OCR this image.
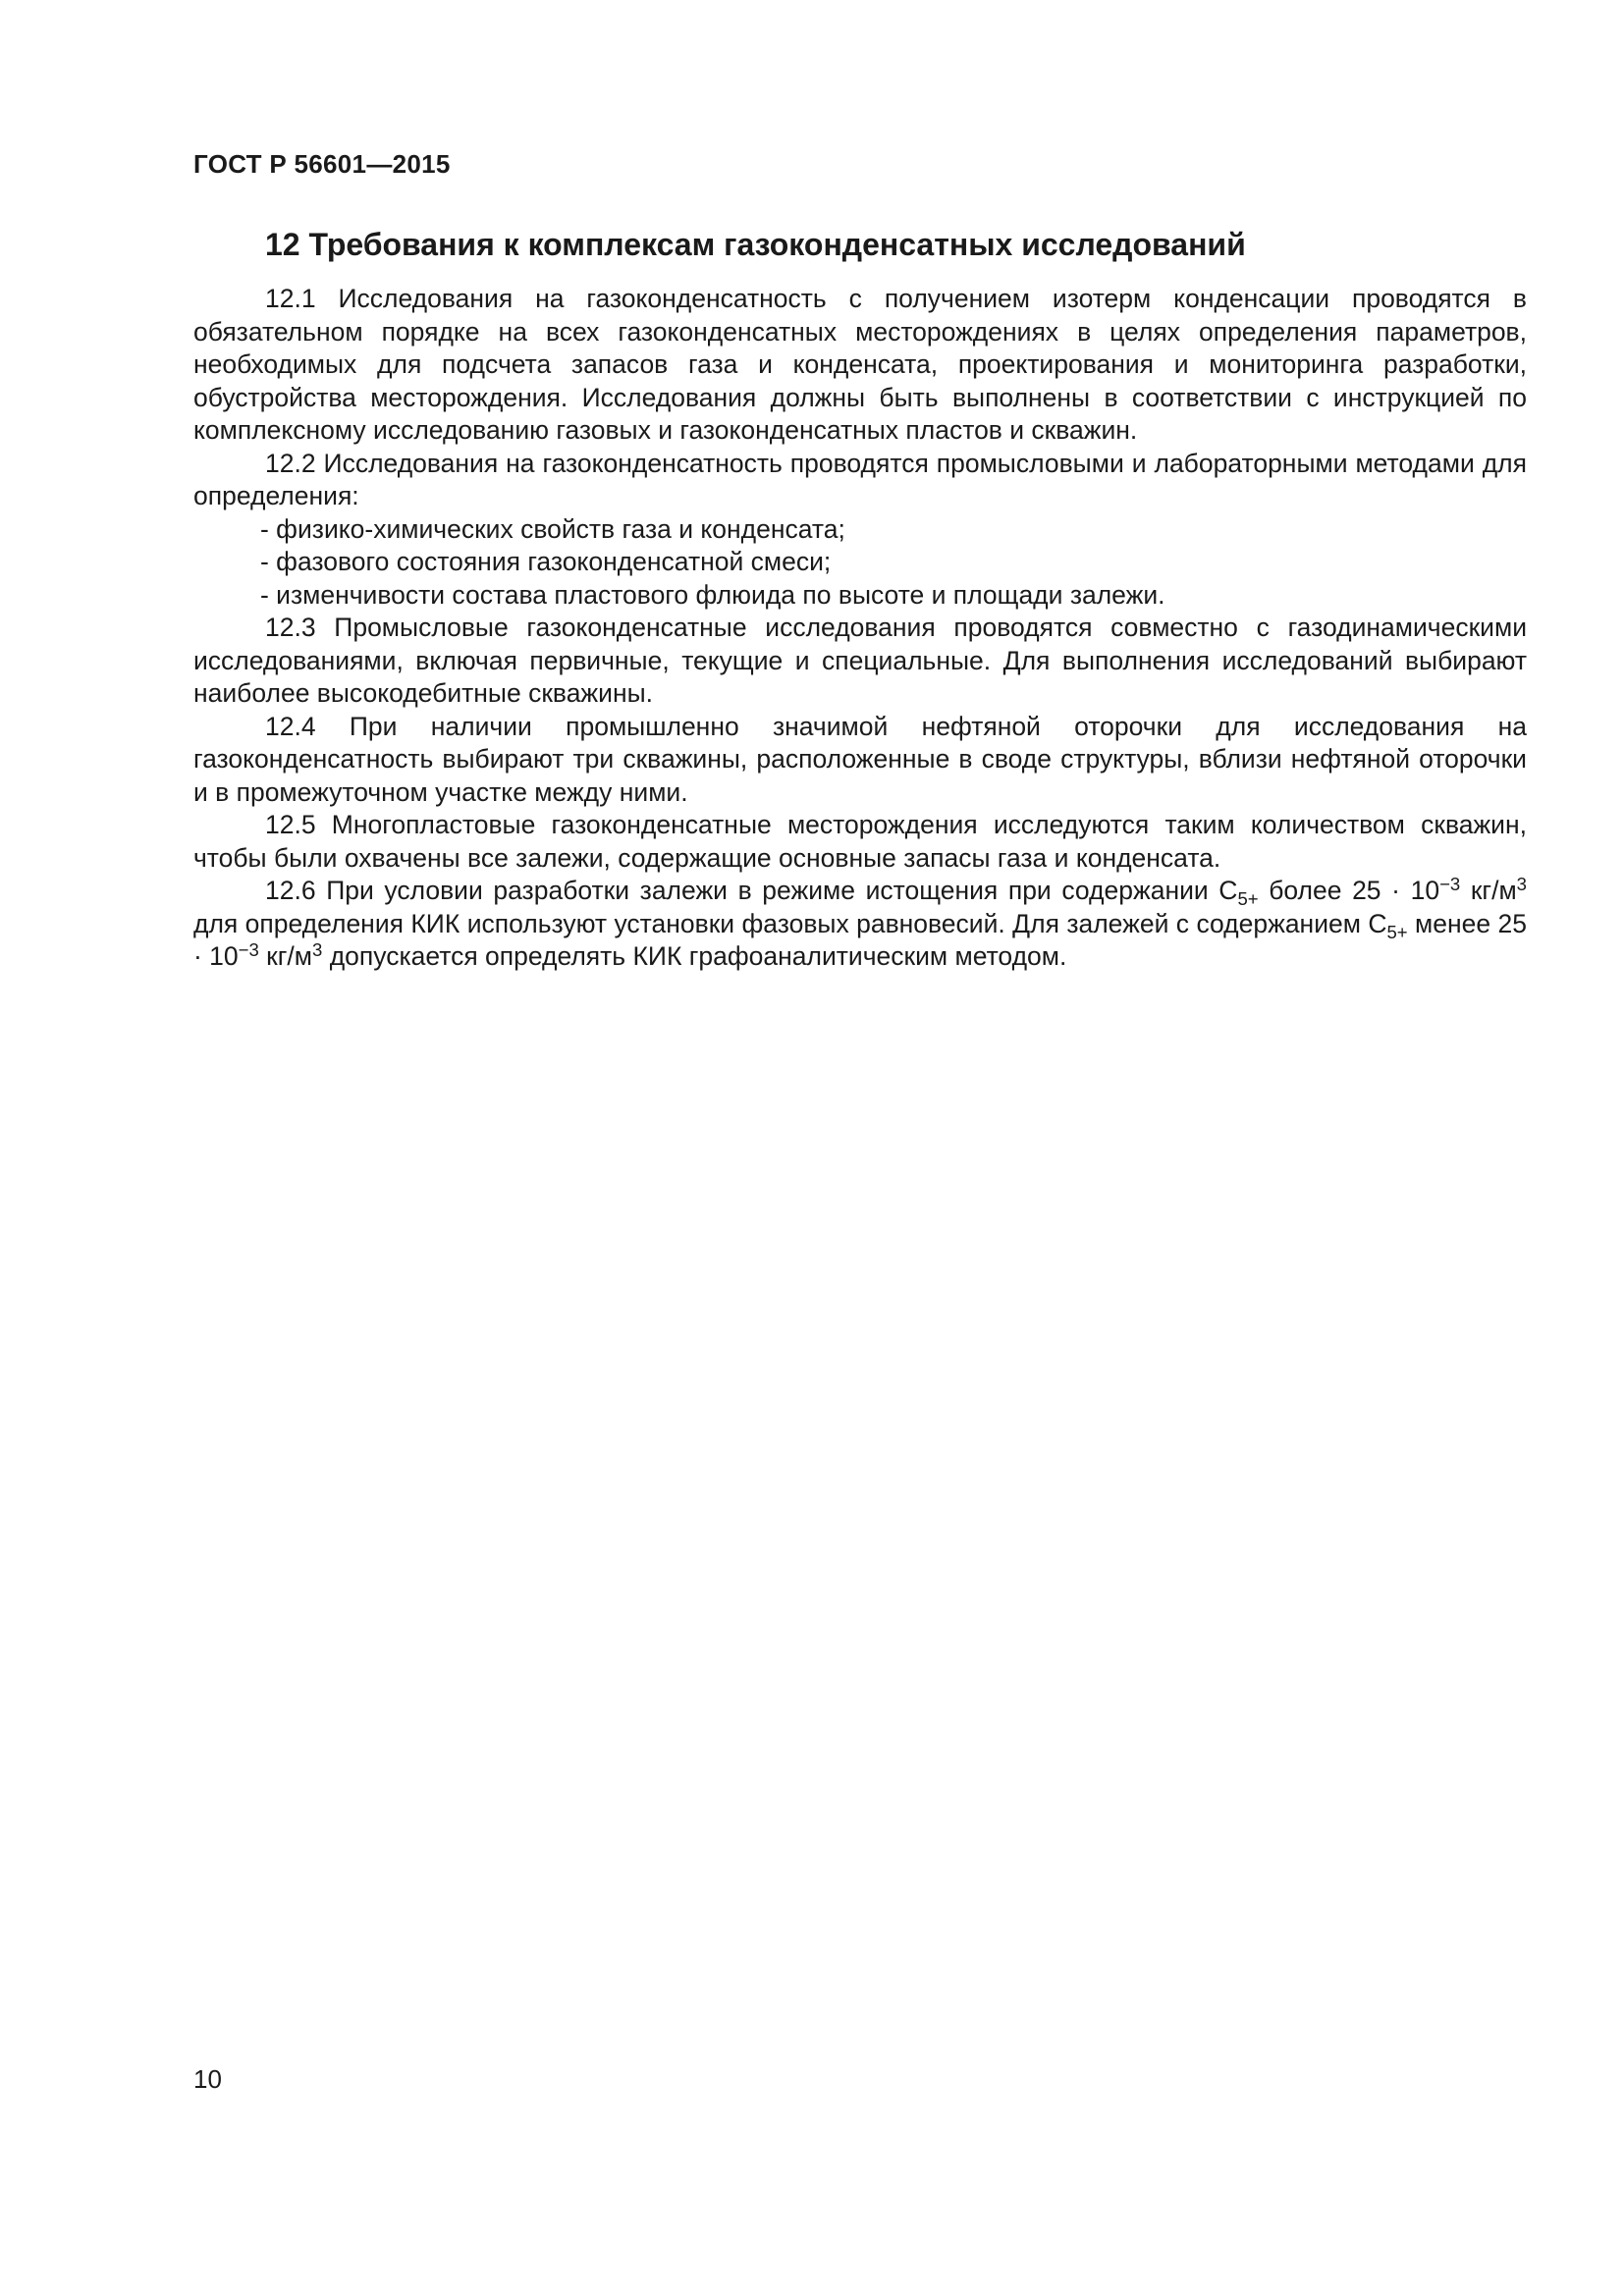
ГОСТ Р 56601—2015
12 Требования к комплексам газоконденсатных исследований

12.1 Исследования на газоконденсатность с получением изотерм конденсации проводятся в обязательном порядке на всех газоконденсатных месторождениях в целях определения параметров, необходимых для подсчета запасов газа и конденсата, проектирования и мониторинга разработки, обустройства месторождения. Исследования должны быть выполнены в соответствии с инструкцией по комплексному исследованию газовых и газоконденсатных пластов и скважин.

12.2 Исследования на газоконденсатность проводятся промысловыми и лабораторными методами для определения:

- физико-химических свойств газа и конденсата;

- фазового состояния газоконденсатной смеси;

- изменчивости состава пластового флюида по высоте и площади залежи.

12.3 Промысловые газоконденсатные исследования проводятся совместно с газодинамическими исследованиями, включая первичные, текущие и специальные. Для выполнения исследований выбирают наиболее высокодебитные скважины.

12.4 При наличии промышленно значимой нефтяной оторочки для исследования на газоконденсатность выбирают три скважины, расположенные в своде структуры, вблизи нефтяной оторочки и в промежуточном участке между ними.

12.5 Многопластовые газоконденсатные месторождения исследуются таким количеством скважин, чтобы были охвачены все залежи, содержащие основные запасы газа и конденсата.

12.6 При условии разработки залежи в режиме истощения при содержании $C_{5+}$ более $25 \cdot 10^{-3}$ $кг/м^3$ для определения КИК используют установки фазовых равновесий. Для залежей с содержанием $C_{5+}$ менее $25 \cdot 10^{-3}$ $кг/м^3$ допускается определять КИК графоаналитическим методом.

10
